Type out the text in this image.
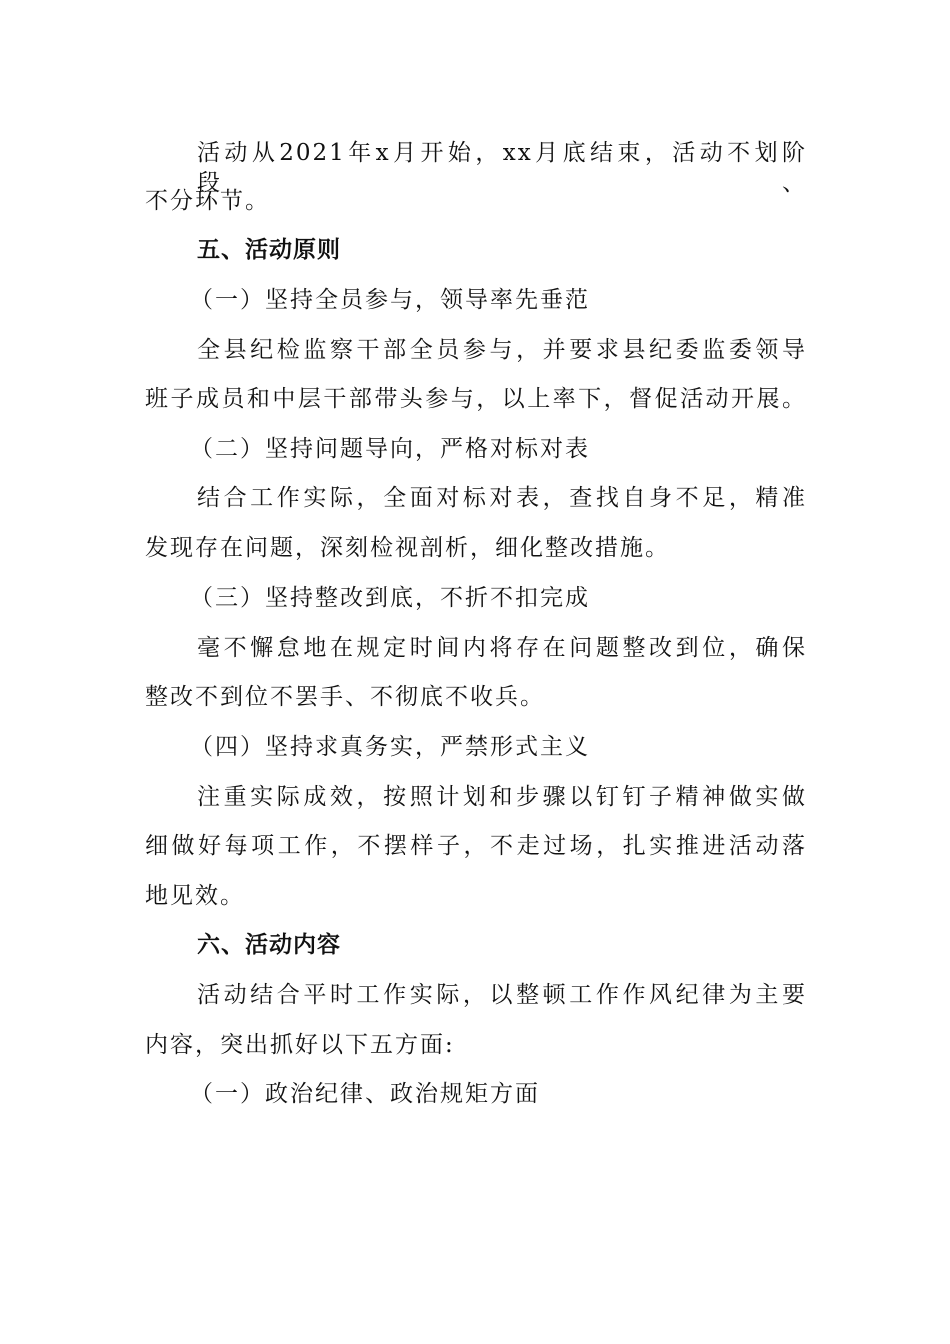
活动从2021年x月开始，xx月底结束，活动不划阶段、
不分环节。
五、活动原则
（一）坚持全员参与，领导率先垂范
全县纪检监察干部全员参与，并要求县纪委监委领导
班子成员和中层干部带头参与，以上率下，督促活动开展。
（二）坚持问题导向，严格对标对表
结合工作实际，全面对标对表，查找自身不足，精准
发现存在问题，深刻检视剖析，细化整改措施。
（三）坚持整改到底，不折不扣完成
毫不懈怠地在规定时间内将存在问题整改到位，确保
整改不到位不罢手、不彻底不收兵。
（四）坚持求真务实，严禁形式主义
注重实际成效，按照计划和步骤以钉钉子精神做实做
细做好每项工作，不摆样子，不走过场，扎实推进活动落
地见效。
六、活动内容
活动结合平时工作实际，以整顿工作作风纪律为主要
内容，突出抓好以下五方面:
（一）政治纪律、政治规矩方面
